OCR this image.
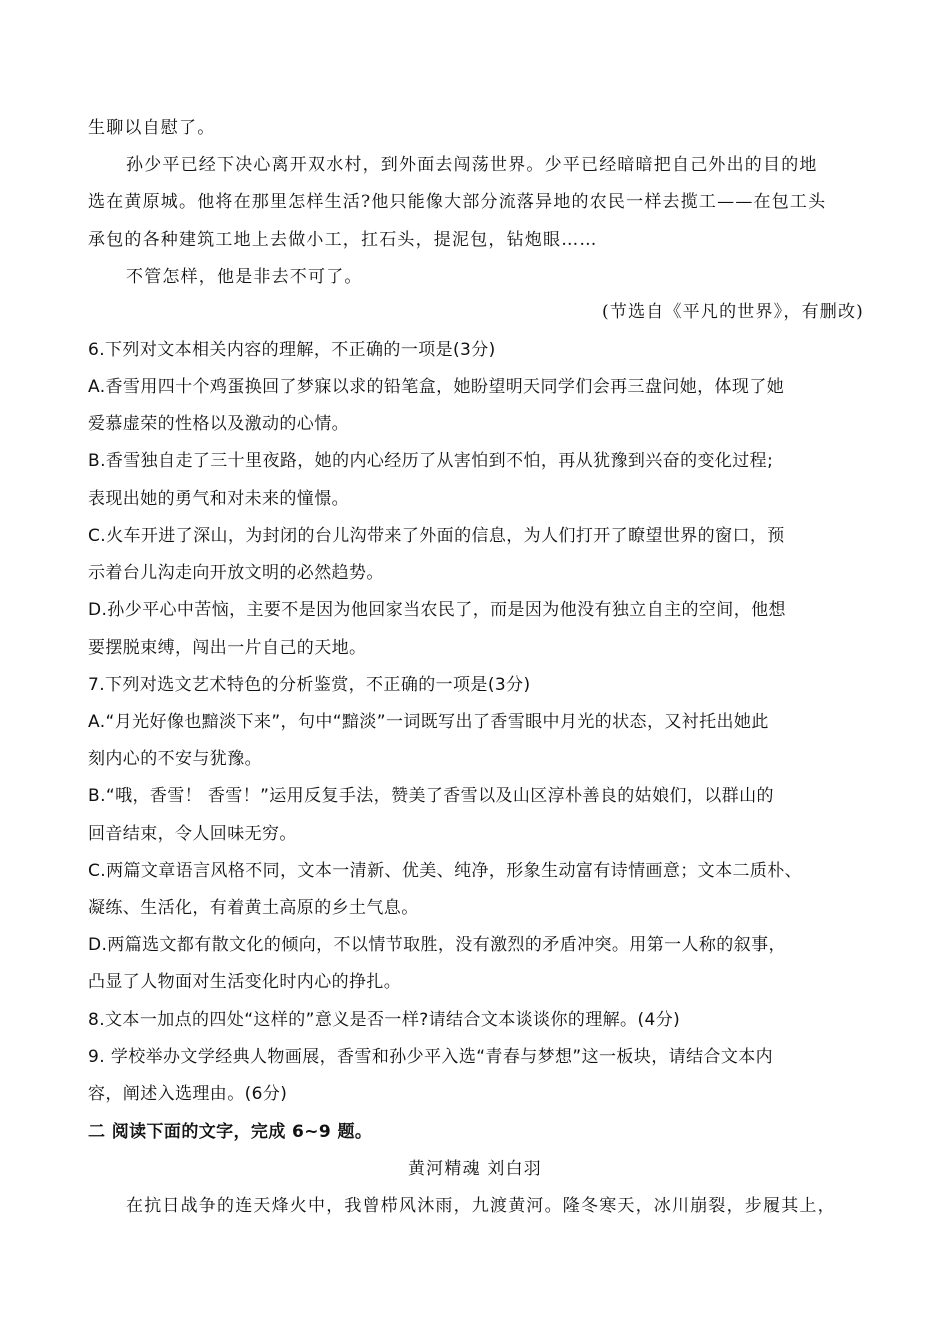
生聊以自慰了。
孙少平已经下决心离开双水村，到外面去闯荡世界。少平已经暗暗把自己外出的目的地
选在黄原城。他将在那里怎样生活?他只能像大部分流落异地的农民一样去揽工——在包工头
承包的各种建筑工地上去做小工，扛石头，提泥包，钻炮眼……
不管怎样，他是非去不可了。
(节选自《平凡的世界》，有删改)
6.下列对文本相关内容的理解，不正确的一项是(3分)
A.香雪用四十个鸡蛋换回了梦寐以求的铅笔盒，她盼望明天同学们会再三盘问她，体现了她
爱慕虚荣的性格以及激动的心情。
B.香雪独自走了三十里夜路，她的内心经历了从害怕到不怕，再从犹豫到兴奋的变化过程;
表现出她的勇气和对未来的憧憬。
C.火车开进了深山，为封闭的台儿沟带来了外面的信息，为人们打开了瞭望世界的窗口，预
示着台儿沟走向开放文明的必然趋势。
D.孙少平心中苦恼，主要不是因为他回家当农民了，而是因为他没有独立自主的空间，他想
要摆脱束缚，闯出一片自己的天地。
7.下列对选文艺术特色的分析鉴赏，不正确的一项是(3分)
A.“月光好像也黯淡下来”，句中“黯淡”一词既写出了香雪眼中月光的状态，又衬托出她此
刻内心的不安与犹豫。
B.“哦，香雪！ 香雪！”运用反复手法，赞美了香雪以及山区淳朴善良的姑娘们，以群山的
回音结束，令人回味无穷。
C.两篇文章语言风格不同，文本一清新、优美、纯净，形象生动富有诗情画意；文本二质朴、
凝练、生活化，有着黄土高原的乡土气息。
D.两篇选文都有散文化的倾向，不以情节取胜，没有激烈的矛盾冲突。用第一人称的叙事，
凸显了人物面对生活变化时内心的挣扎。
8.文本一加点的四处“这样的”意义是否一样?请结合文本谈谈你的理解。(4分)
9. 学校举办文学经典人物画展，香雪和孙少平入选“青春与梦想”这一板块，请结合文本内
容，阐述入选理由。(6分)
二 阅读下面的文字，完成 6~9 题。
黄河精魂 刘白羽
在抗日战争的连天烽火中，我曾栉风沐雨，九渡黄河。隆冬寒天，冰川崩裂，步履其上，
